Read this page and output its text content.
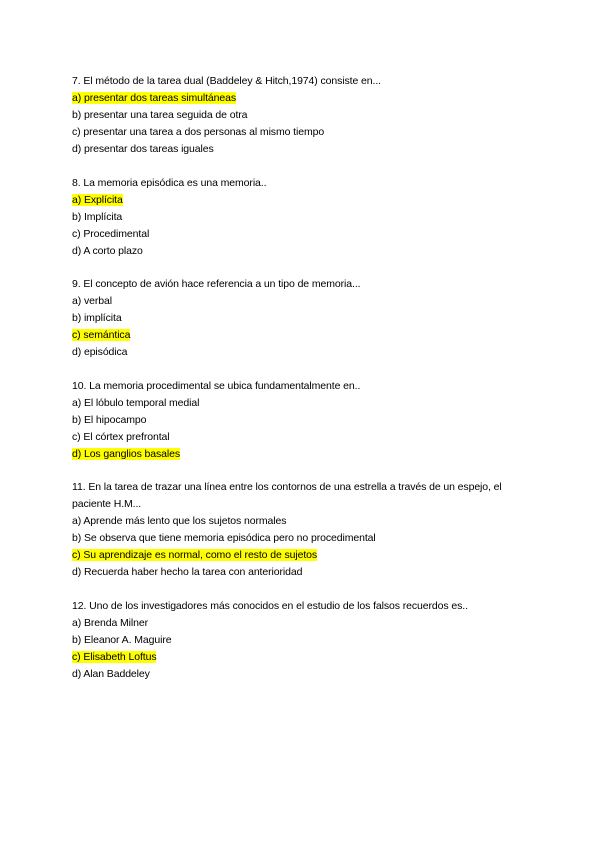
7. El método de la tarea dual (Baddeley & Hitch,1974) consiste en...
a) presentar dos tareas simultáneas
b) presentar una tarea seguida de otra
c) presentar una tarea a dos personas al mismo tiempo
d) presentar dos tareas iguales
8. La memoria episódica es una memoria..
a) Explícita
b) Implícita
c) Procedimental
d) A corto plazo
9. El concepto de avión hace referencia a un tipo de memoria...
a) verbal
b) implícita
c) semántica
d) episódica
10. La memoria procedimental se ubica fundamentalmente en..
a) El lóbulo temporal medial
b) El hipocampo
c) El córtex prefrontal
d) Los ganglios basales
11. En la tarea de trazar una línea entre los contornos de una estrella a través de un espejo, el paciente H.M...
a) Aprende más lento que los sujetos normales
b) Se observa que tiene memoria episódica pero no procedimental
c) Su aprendizaje es normal, como el resto de sujetos
d) Recuerda haber hecho la tarea con anterioridad
12. Uno de los investigadores más conocidos en el estudio de los falsos recuerdos es..
a) Brenda Milner
b) Eleanor A. Maguire
c) Elisabeth Loftus
d) Alan Baddeley
